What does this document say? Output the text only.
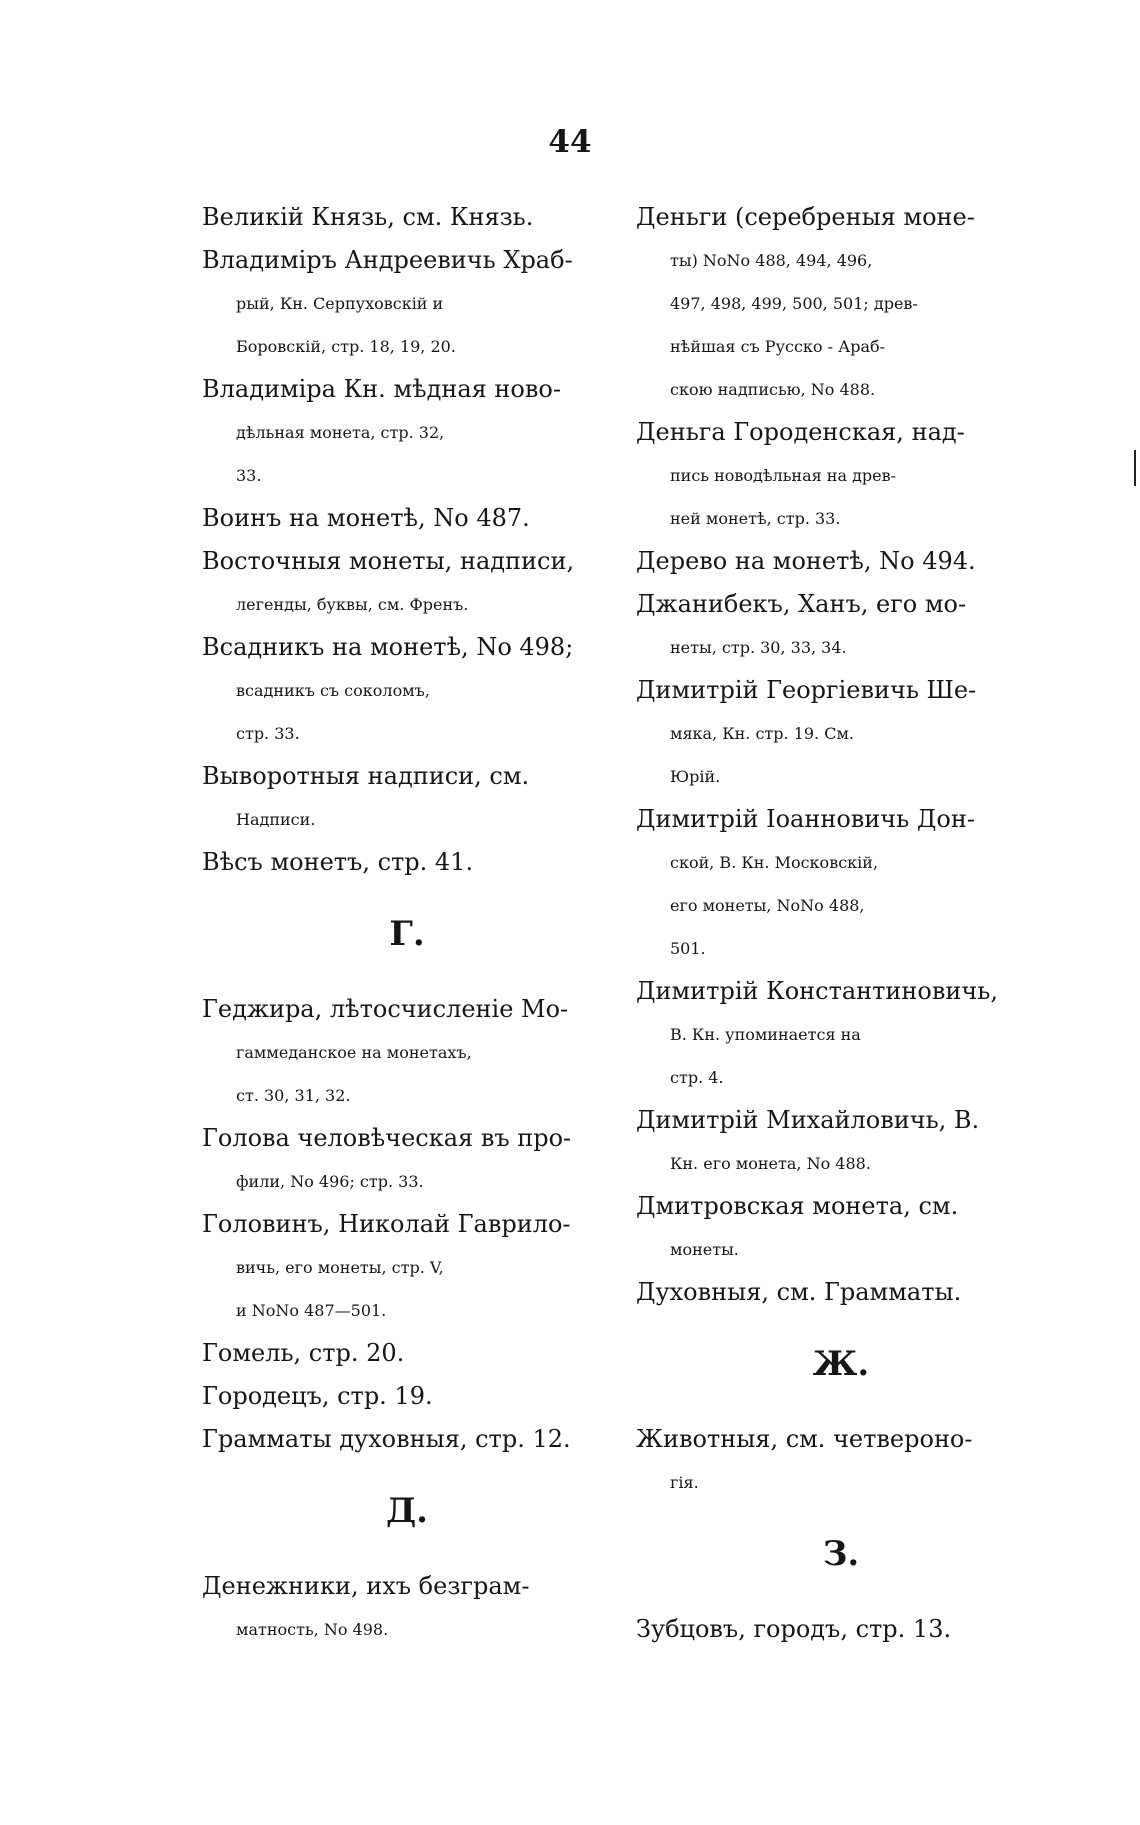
44
Великій Князь, см. Князь.
Владиміръ Андреевичь Храб-
рый, Кн. Серпуховскій и
Боровскій, стр. 18, 19, 20.
Владиміра Кн. мѣдная ново-
дѣльная монета, стр. 32,
33.
Воинъ на монетѣ, No 487.
Восточныя монеты, надписи,
легенды, буквы, см. Френъ.
Всадникъ на монетѣ, No 498;
всадникъ съ соколомъ,
стр. 33.
Выворотныя надписи, см.
Надписи.
Вѣсъ монетъ, стр. 41.
Г.
Геджира, лѣтосчисленіе Мо-
гаммеданское на монетахъ,
ст. 30, 31, 32.
Голова человѣческая въ про-
фили, No 496; стр. 33.
Головинъ, Николай Гаврило-
вичь, его монеты, стр. V,
и NoNo 487—501.
Гомель, стр. 20.
Городецъ, стр. 19.
Грамматы духовныя, стр. 12.
Д.
Денежники, ихъ безграм-
матность, No 498.
Деньги (серебреныя моне-
ты) NoNo 488, 494, 496,
497, 498, 499, 500, 501; древ-
нѣйшая съ Русско - Араб-
скою надписью, No 488.
Деньга Городенская, над-
пись новодѣльная на древ-
ней монетѣ, стр. 33.
Дерево на монетѣ, No 494.
Джанибекъ, Ханъ, его мо-
неты, стр. 30, 33, 34.
Димитрій Георгіевичь Ше-
мяка, Кн. стр. 19. См.
Юрій.
Димитрій Іоанновичь Дон-
ской, В. Кн. Московскій,
его монеты, NoNo 488,
501.
Димитрій Константиновичь,
В. Кн. упоминается на
стр. 4.
Димитрій Михайловичь, В.
Кн. его монета, No 488.
Дмитровская монета, см.
монеты.
Духовныя, см. Грамматы.
Ж.
Животныя, см. четвероно-
гія.
З.
Зубцовъ, городъ, стр. 13.
